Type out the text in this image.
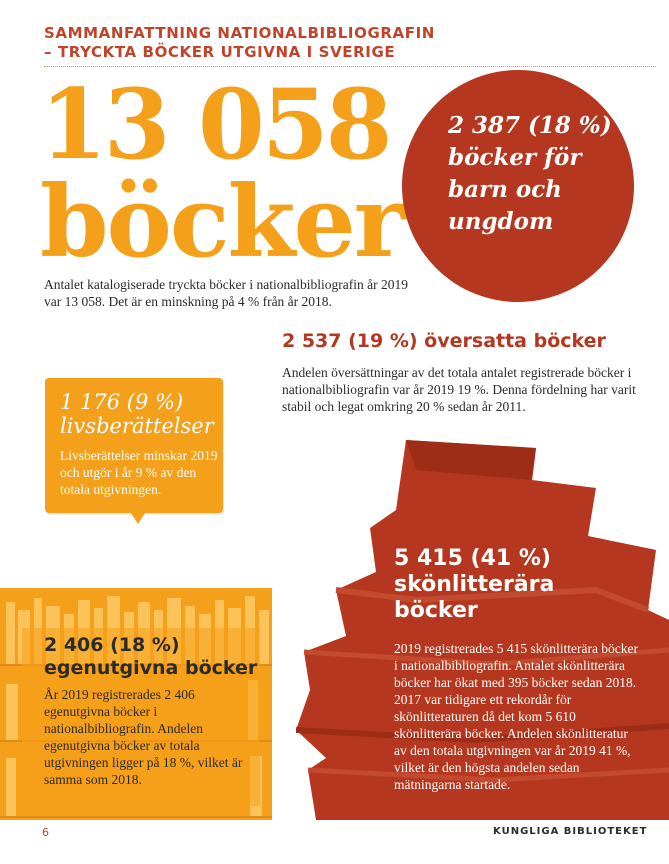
SAMMANFATTNING NATIONALBIBLIOGRAFIN
– TRYCKTA BÖCKER UTGIVNA I SVERIGE
13 058
böcker
Antalet katalogiserade tryckta böcker i nationalbibliografin år 2019 var 13 058. Det är en minskning på 4 % från år 2018.
2 387 (18 %)
böcker för
barn och
ungdom
2 537 (19 %) översatta böcker
Andelen översättningar av det totala antalet registrerade böcker i nationalbibliografin var år 2019 19 %. Denna fördelning har varit stabil och legat omkring 20 % sedan år 2011.
1 176 (9 %)
livsberättelser
Livsberättelser minskar 2019 och utgör i år 9 % av den totala utgivningen.
2 406 (18 %)
egenutgivna böcker
År 2019 registrerades 2 406 egenutgivna böcker i nationalbibliografin. Andelen egenutgivna böcker av totala utgivningen ligger på 18 %, vilket är samma som 2018.
5 415 (41 %)
skönlitterära
böcker
2019 registrerades 5 415 skönlitterära böcker i nationalbibliografin. Antalet skönlitterära böcker har ökat med 395 böcker sedan 2018. 2017 var tidigare ett rekordår för skönlitteraturen då det kom 5 610 skönlitterära böcker. Andelen skönlitteratur av den totala utgivningen var år 2019 41 %, vilket är den högsta andelen sedan mätningarna startade.
6	KUNGLIGA BIBLIOTEKET
